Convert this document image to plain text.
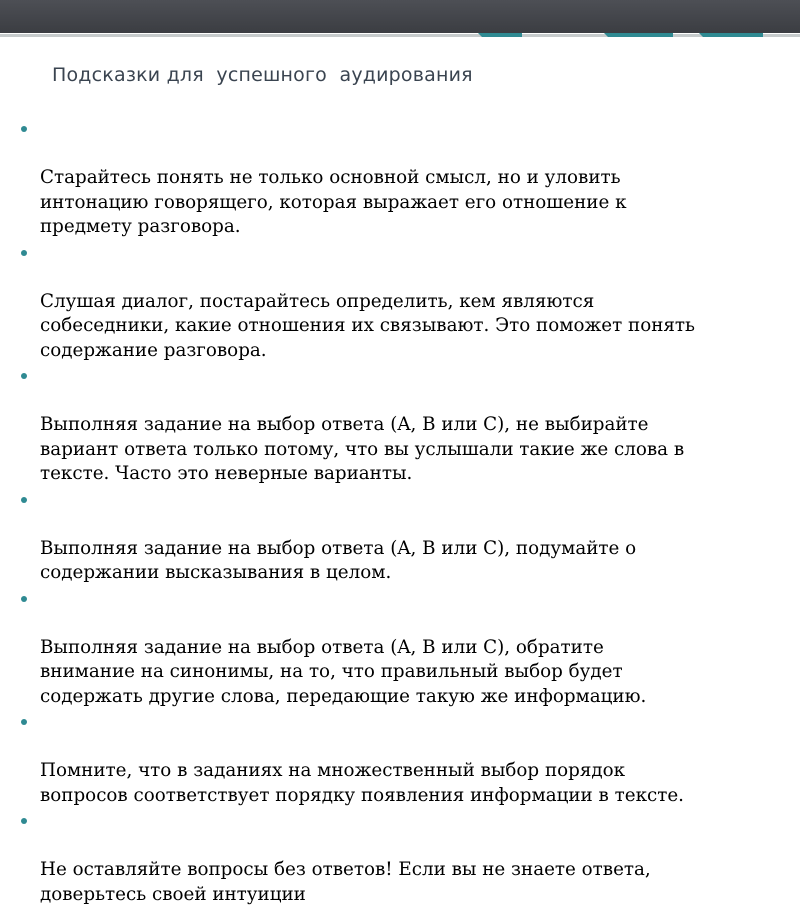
Подсказки для  успешного  аудирования

Старайтесь понять не только основной смысл, но и уловить
интонацию говорящего, которая выражает его отношение к
предмету разговора.

Слушая диалог, постарайтесь определить, кем являются
собеседники, какие отношения их связывают. Это поможет понять
содержание разговора.

Выполняя задание на выбор ответа (A, B или C), не выбирайте
вариант ответа только потому, что вы услышали такие же слова в
тексте. Часто это неверные варианты.

Выполняя задание на выбор ответа (A, B или C), подумайте о
содержании высказывания в целом.

Выполняя задание на выбор ответа (A, B или C), обратите
внимание на синонимы, на то, что правильный выбор будет
содержать другие слова, передающие такую же информацию.

Помните, что в заданиях на множественный выбор порядок
вопросов соответствует порядку появления информации в тексте.

Не оставляйте вопросы без ответов! Если вы не знаете ответа,
доверьтесь своей интуиции
